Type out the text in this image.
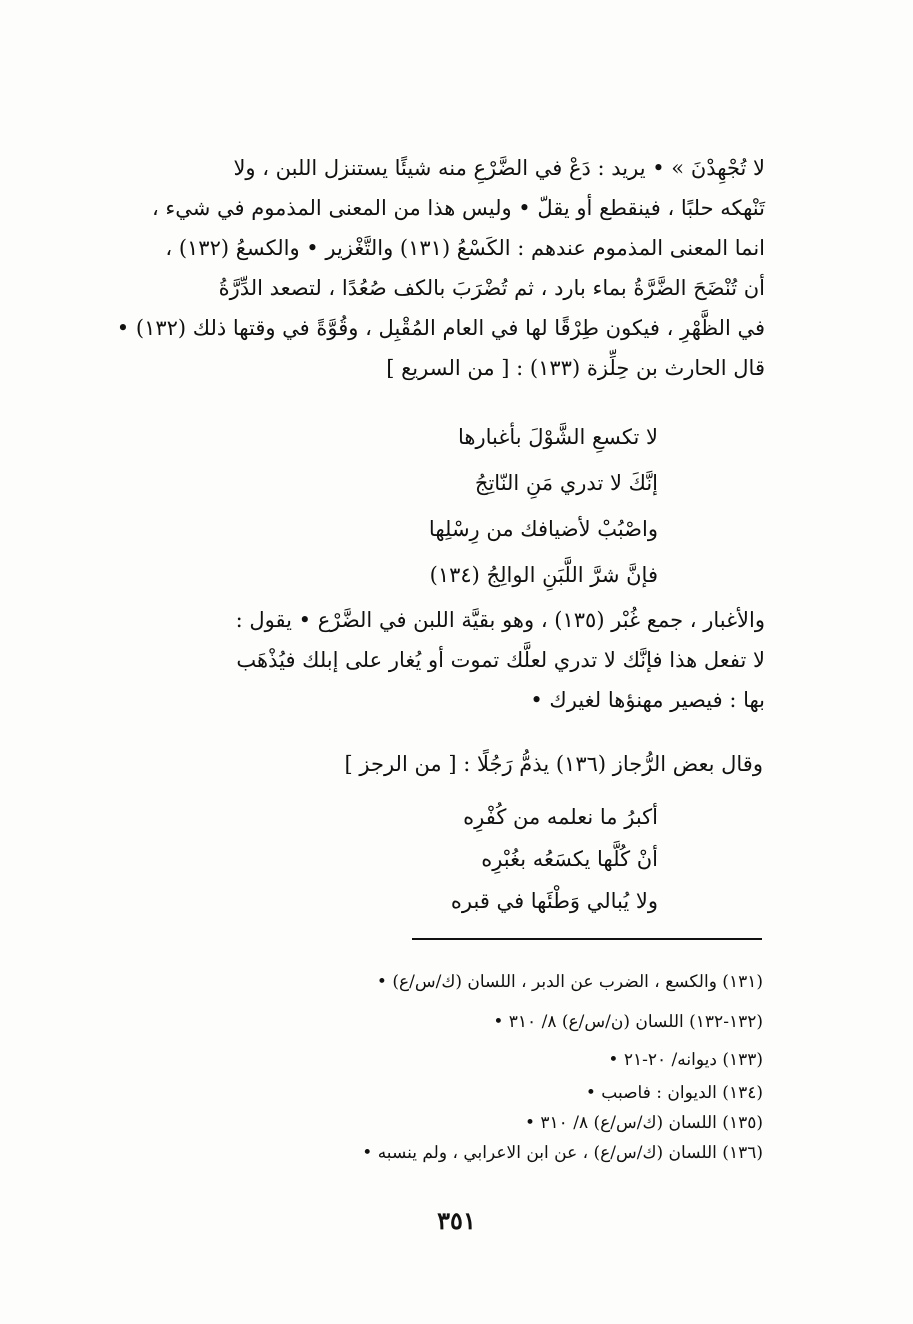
لا تُجْهِدْنَ » • يريد : دَعْ في الضَّرْعِ منه شيئًا يستنزل اللبن ، ولا
تَنْهكه حلبًا ، فينقطع أو يقلّ • وليس هذا من المعنى المذموم في شيء ،
انما المعنى المذموم عندهم : الكَسْعُ (١٣١) والتَّغْزير • والكسعُ (١٣٢) ،
أن تُنْضَحَ الضَّرَّةُ بماء بارد ، ثم تُضْرَبَ بالكف صُعُدًا ، لتصعد الدِّرَّةُ
في الظَّهْرِ ، فيكون طِرْقًا لها في العام المُقْبِل ، وقُوَّةً في وقتها ذلك (١٣٢) •
قال الحارث بن حِلِّزة (١٣٣) : [ من السريع ]
لا تكسعِ الشَّوْلَ بأغبارها
إنَّكَ لا تدري مَنِ النّاتِجُ
واصْبُبْ لأضيافك من رِسْلِها
فإنَّ شرَّ اللَّبَنِ الوالِجُ (١٣٤)
والأغبار ، جمع غُبْر (١٣٥) ، وهو بقيَّة اللبن في الضَّرْع • يقول :
لا تفعل هذا فإنَّك لا تدري لعلَّك تموت أو يُغار على إبلك فيُذْهَب
بها : فيصير مهنؤها لغيرك •
وقال بعض الرُّجاز (١٣٦) يذمُّ رَجُلًا : [ من الرجز ]
أكبرُ ما نعلمه من كُفْرِه
أنْ كُلَّها يكسَعُه بغُبْرِه
ولا يُبالي وَطْئَها في قبره
(١٣١) والكسع ، الضرب عن الدبر ، اللسان (ك/س/ع) •
(١٣٢-١٣٢) اللسان (ن/س/ع) ٨/ ٣١٠ •
(١٣٣) ديوانه/ ٢٠-٢١ •
(١٣٤) الديوان : فاصبب •
(١٣٥) اللسان (ك/س/ع) ٨/ ٣١٠ •
(١٣٦) اللسان (ك/س/ع) ، عن ابن الاعرابي ، ولم ينسبه •
٣٥١
